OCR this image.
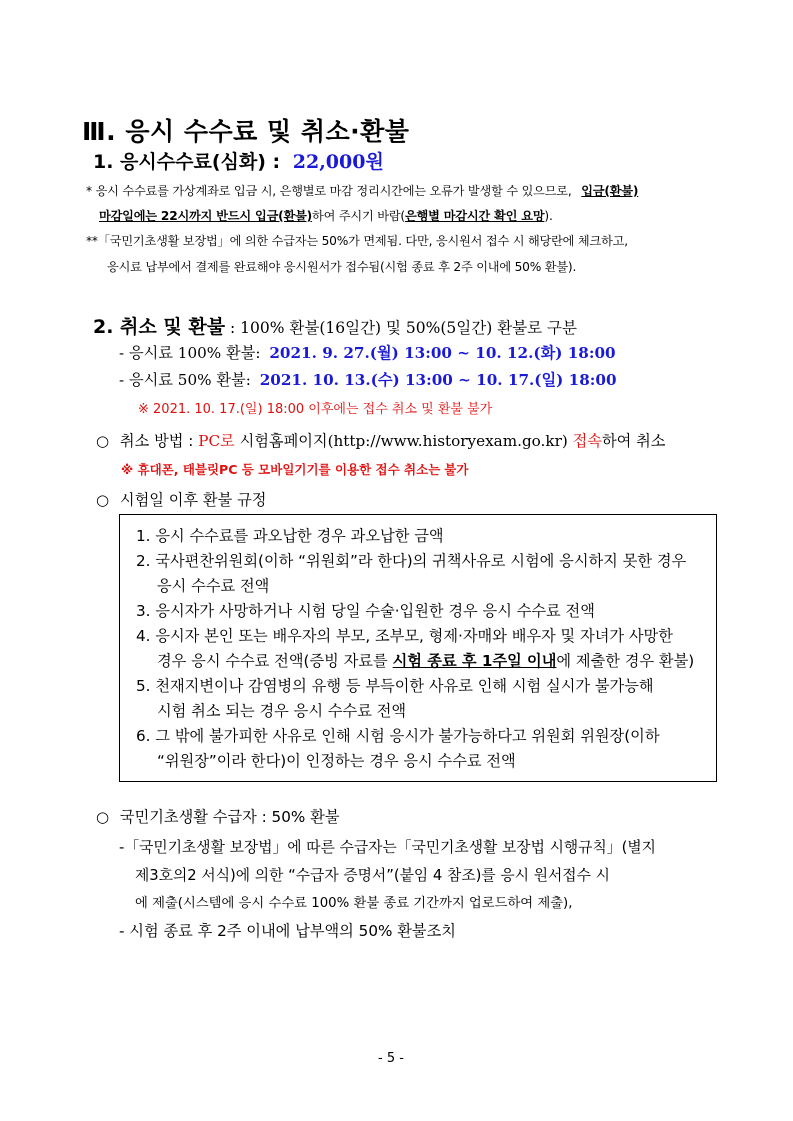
Ⅲ. 응시 수수료 및 취소·환불
1. 응시수수료(심화) : 22,000원
* 응시 수수료를 가상계좌로 입금 시, 은행별로 마감 정리시간에는 오류가 발생할 수 있으므로, 입금(환불)
마감일에는 22시까지 반드시 입금(환불)하여 주시기 바람(은행별 마감시간 확인 요망).
**「국민기초생활 보장법」에 의한 수급자는 50%가 면제됨. 다만, 응시원서 접수 시 해당란에 체크하고,
응시료 납부에서 결제를 완료해야 응시원서가 접수됨(시험 종료 후 2주 이내에 50% 환불).
2. 취소 및 환불 : 100% 환불(16일간) 및 50%(5일간) 환불로 구분
- 응시료 100% 환불: 2021. 9. 27.(월) 13:00 ~ 10. 12.(화) 18:00
- 응시료 50% 환불: 2021. 10. 13.(수) 13:00 ~ 10. 17.(일) 18:00
※ 2021. 10. 17.(일) 18:00 이후에는 접수 취소 및 환불 불가
○ 취소 방법 : PC로 시험홈페이지(http://www.historyexam.go.kr) 접속하여 취소
※ 휴대폰, 태블릿PC 등 모바일기기를 이용한 접수 취소는 불가
○ 시험일 이후 환불 규정
1. 응시 수수료를 과오납한 경우 과오납한 금액
2. 국사편찬위원회(이하 “위원회”라 한다)의 귀책사유로 시험에 응시하지 못한 경우
응시 수수료 전액
3. 응시자가 사망하거나 시험 당일 수술·입원한 경우 응시 수수료 전액
4. 응시자 본인 또는 배우자의 부모, 조부모, 형제·자매와 배우자 및 자녀가 사망한
경우 응시 수수료 전액(증빙 자료를 시험 종료 후 1주일 이내에 제출한 경우 환불)
5. 천재지변이나 감염병의 유행 등 부득이한 사유로 인해 시험 실시가 불가능해
시험 취소 되는 경우 응시 수수료 전액
6. 그 밖에 불가피한 사유로 인해 시험 응시가 불가능하다고 위원회 위원장(이하
“위원장”이라 한다)이 인정하는 경우 응시 수수료 전액
○ 국민기초생활 수급자 : 50% 환불
-「국민기초생활 보장법」에 따른 수급자는「국민기초생활 보장법 시행규칙」(별지
제3호의2 서식)에 의한 “수급자 증명서”(붙임 4 참조)를 응시 원서접수 시
에 제출(시스템에 응시 수수료 100% 환불 종료 기간까지 업로드하여 제출),
- 시험 종료 후 2주 이내에 납부액의 50% 환불조치
- 5 -
